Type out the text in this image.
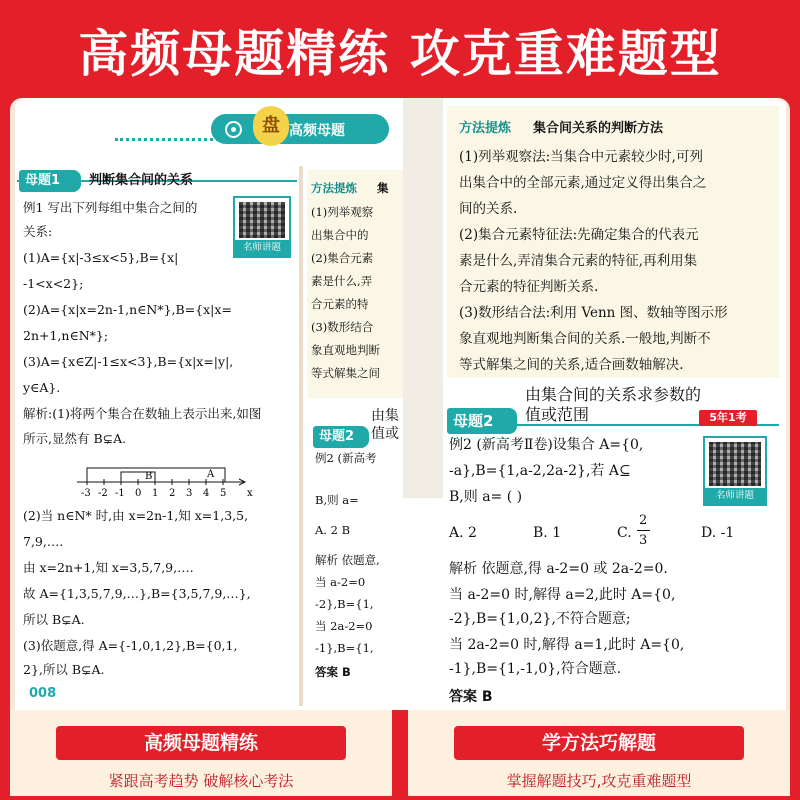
高频母题精练 攻克重难题型
盘 高频母题
母题1	判断集合间的关系
名师讲题
例1 写出下列每组中集合之间的
关系:
(1)A={x|-3≤x<5},B={x|
-1<x<2};
(2)A={x|x=2n-1,n∈N*},B={x|x=
2n+1,n∈N*};
(3)A={x∈Z|-1≤x<3},B={x|x=|y|,
y∈A}.
解析:(1)将两个集合在数轴上表示出来,如图
所示,显然有 B⊊A.
-3 -2 -1 0 1 2 3 4 5
B	A
x
(2)当 n∈N* 时,由 x=2n-1,知 x=1,3,5,
7,9,….
由 x=2n+1,知 x=3,5,7,9,….
故 A={1,3,5,7,9,…},B={3,5,7,9,…},
所以 B⊊A.
(3)依题意,得 A={-1,0,1,2},B={0,1,
2},所以 B⊊A.
008
方法提炼 集
(1)列举观察
出集合中的
(2)集合元素
素是什么,弄
合元素的特
(3)数形结合
象直观地判断
等式解集之间
由集
值或
母题2
例2 (新高考
B,则 a=
A. 2 B
解析 依题意,
当 a-2=0
-2},B={1,
当 2a-2=0
-1},B={1,
答案 B
高频母题精练
紧跟高考趋势 破解核心考法
方法提炼 集合间关系的判断方法
(1)列举观察法:当集合中元素较少时,可列
出集合中的全部元素,通过定义得出集合之
间的关系.
(2)集合元素特征法:先确定集合的代表元
素是什么,弄清集合元素的特征,再利用集
合元素的特征判断关系.
(3)数形结合法:利用 Venn 图、数轴等图示形
象直观地判断集合间的关系.一般地,判断不
等式解集之间的关系,适合画数轴解决.
母题2
由集合间的关系求参数的
值或范围	5年1考
名师讲题
例2 (新高考Ⅱ卷)设集合 A={0,
-a},B={1,a-2,2a-2},若 A⊆
B,则 a= ( )
A. 2	B. 1	C.
2
3	D. -1
解析 依题意,得 a-2=0 或 2a-2=0.
当 a-2=0 时,解得 a=2,此时 A={0,
-2},B={1,0,2},不符合题意;
当 2a-2=0 时,解得 a=1,此时 A={0,
-1},B={1,-1,0},符合题意.
答案 B
学方法巧解题
掌握解题技巧,攻克重难题型
